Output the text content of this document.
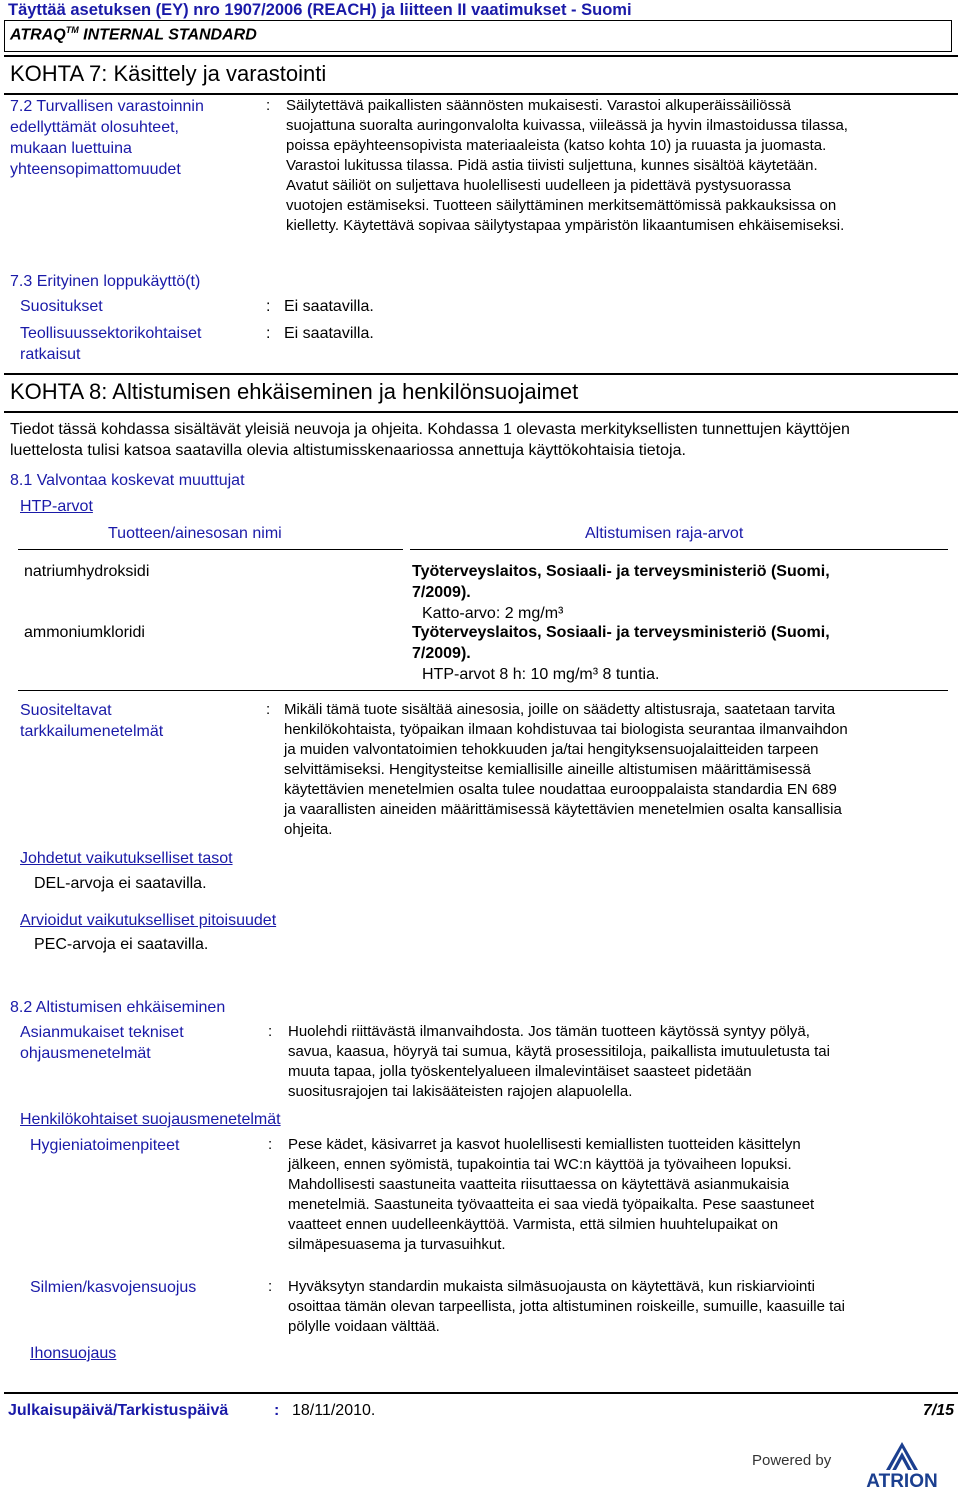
Täyttää asetuksen (EY) nro 1907/2006 (REACH) ja liitteen II vaatimukset - Suomi
ATRAQ™ INTERNAL STANDARD
KOHTA 7: Käsittely ja varastointi
7.2 Turvallisen varastoinnin
edellyttämät olosuhteet,
mukaan luettuina
yhteensopimattomuudet
: Säilytettävä paikallisten säännösten mukaisesti. Varastoi alkuperäissäiliössä
suojattuna suoralta auringonvalolta kuivassa, viileässä ja hyvin ilmastoidussa tilassa,
poissa epäyhteensopivista materiaaleista (katso kohta 10) ja ruuasta ja juomasta.
Varastoi lukitussa tilassa. Pidä astia tiivisti suljettuna, kunnes sisältöä käytetään.
Avatut säiliöt on suljettava huolellisesti uudelleen ja pidettävä pystysuorassa
vuotojen estämiseksi. Tuotteen säilyttäminen merkitsemättömissä pakkauksissa on
kielletty. Käytettävä sopivaa säilytystapaa ympäristön likaantumisen ehkäisemiseksi.
7.3 Erityinen loppukäyttö(t)
Suositukset	: Ei saatavilla.
Teollisuussektorikohtaiset
ratkaisut
: Ei saatavilla.
KOHTA 8: Altistumisen ehkäiseminen ja henkilönsuojaimet
Tiedot tässä kohdassa sisältävät yleisiä neuvoja ja ohjeita. Kohdassa 1 olevasta merkityksellisten tunnettujen käyttöjen
luettelosta tulisi katsoa saatavilla olevia altistumisskenaariossa annettuja käyttökohtaisia tietoja.
8.1 Valvontaa koskevat muuttujat
HTP-arvot
Tuotteen/ainesosan nimi	Altistumisen raja-arvot
natriumhydroksidi	Työterveyslaitos, Sosiaali- ja terveysministeriö (Suomi,
7/2009).
Katto-arvo: 2 mg/m³
ammoniumkloridi	Työterveyslaitos, Sosiaali- ja terveysministeriö (Suomi,
7/2009).
HTP-arvot 8 h: 10 mg/m³ 8 tuntia.
Suositeltavat
tarkkailumenetelmät
: Mikäli tämä tuote sisältää ainesosia, joille on säädetty altistusraja, saatetaan tarvita
henkilökohtaista, työpaikan ilmaan kohdistuvaa tai biologista seurantaa ilmanvaihdon
ja muiden valvontatoimien tehokkuuden ja/tai hengityksensuojalaitteiden tarpeen
selvittämiseksi. Hengitysteitse kemiallisille aineille altistumisen määrittämisessä
käytettävien menetelmien osalta tulee noudattaa eurooppalaista standardia EN 689
ja vaarallisten aineiden määrittämisessä käytettävien menetelmien osalta kansallisia
ohjeita.
Johdetut vaikutukselliset tasot
DEL-arvoja ei saatavilla.
Arvioidut vaikutukselliset pitoisuudet
PEC-arvoja ei saatavilla.
8.2 Altistumisen ehkäiseminen
Asianmukaiset tekniset
ohjausmenetelmät
: Huolehdi riittävästä ilmanvaihdosta. Jos tämän tuotteen käytössä syntyy pölyä,
savua, kaasua, höyryä tai sumua, käytä prosessitiloja, paikallista imutuuletusta tai
muuta tapaa, jolla työskentelyalueen ilmalevintäiset saasteet pidetään
suositusrajojen tai lakisääteisten rajojen alapuolella.
Henkilökohtaiset suojausmenetelmät
Hygieniatoimenpiteet	: Pese kädet, käsivarret ja kasvot huolellisesti kemiallisten tuotteiden käsittelyn
jälkeen, ennen syömistä, tupakointia tai WC:n käyttöä ja työvaiheen lopuksi.
Mahdollisesti saastuneita vaatteita riisuttaessa on käytettävä asianmukaisia
menetelmiä. Saastuneita työvaatteita ei saa viedä työpaikalta. Pese saastuneet
vaatteet ennen uudelleenkäyttöä. Varmista, että silmien huuhtelupaikat on
silmäpesuasema ja turvasuihkut.
Silmien/kasvojensuojus	: Hyväksytyn standardin mukaista silmäsuojausta on käytettävä, kun riskiarviointi
osoittaa tämän olevan tarpeellista, jotta altistuminen roiskeille, sumuille, kaasuille tai
pölylle voidaan välttää.
Ihonsuojaus
Julkaisupäivä/Tarkistuspäivä	: 18/11/2010.	7/15
Powered by
ATRION
